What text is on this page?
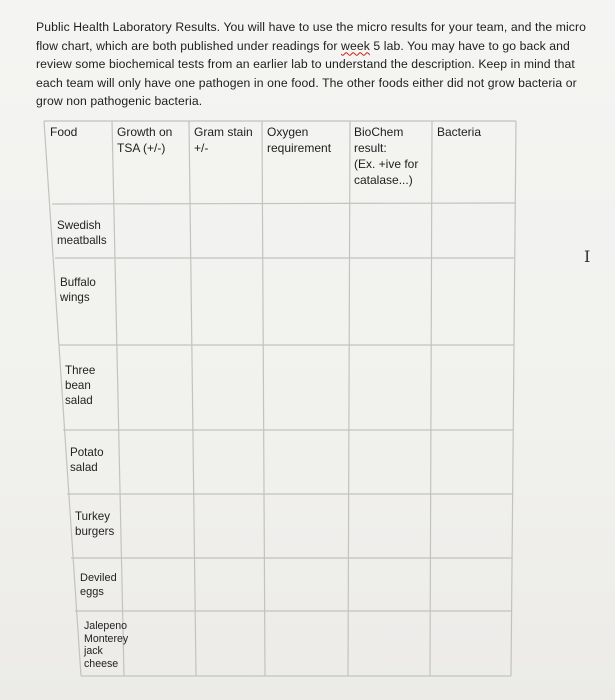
Public Health Laboratory Results. You will have to use the micro results for your team, and the micro flow chart, which are both published under readings for week 5 lab. You may have to go back and review some biochemical tests from an earlier lab to understand the description. Keep in mind that each team will only have one pathogen in one food. The other foods either did not grow bacteria or grow non pathogenic bacteria.

Food	Growth on
TSA (+/-)
Gram stain
+/-
Oxygen
requirement
BioChem
result:
(Ex. +ive for
catalase...)
Bacteria
Swedish
meatballs
Buffalo
wings
Three
bean
salad
Potato
salad
Turkey
burgers
Deviled
eggs
Jalepeno
Monterey
jack
cheese
I
